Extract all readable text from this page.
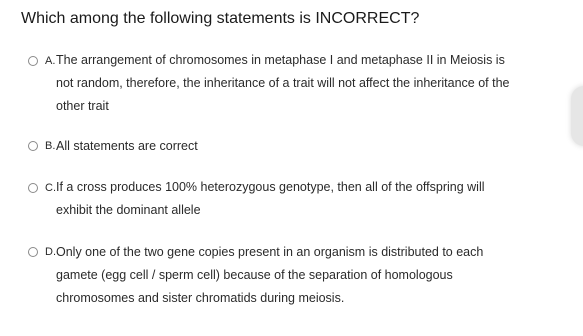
Which among the following statements is INCORRECT?
A. The arrangement of chromosomes in metaphase I and metaphase II in Meiosis is
not random, therefore, the inheritance of a trait will not affect the inheritance of the
other trait
B. All statements are correct
C. If a cross produces 100% heterozygous genotype, then all of the offspring will
exhibit the dominant allele
D. Only one of the two gene copies present in an organism is distributed to each
gamete (egg cell / sperm cell) because of the separation of homologous
chromosomes and sister chromatids during meiosis.
